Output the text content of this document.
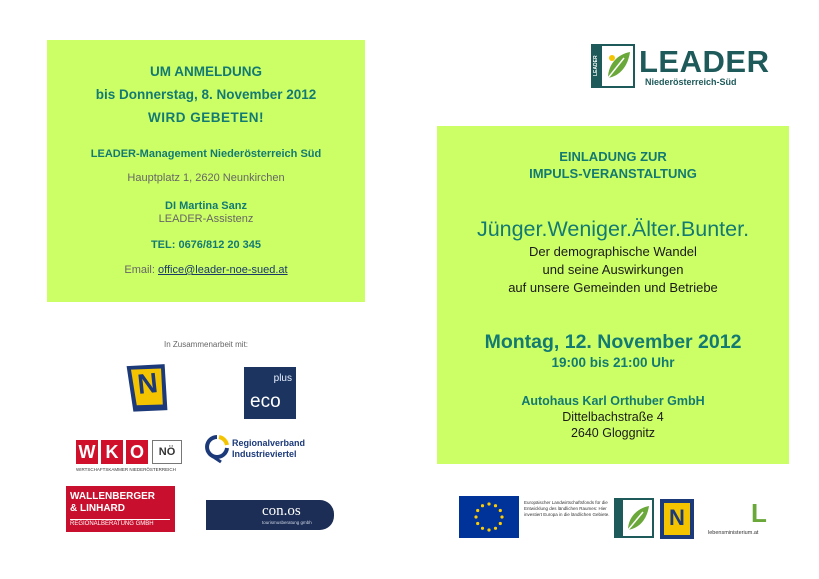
UM ANMELDUNG
bis Donnerstag, 8. November 2012
WIRD GEBETEN!
LEADER-Management Niederösterreich Süd
Hauptplatz 1, 2620 Neunkirchen
DI Martina Sanz
LEADER-Assistenz
TEL: 0676/812 20 345
Email: office@leader-noe-sued.at
In Zusammenarbeit mit:
N	plus
eco
W K O	NÖ
WIRTSCHAFTSKAMMER NIEDERÖSTERREICH
Regionalverband
Industrieviertel
WALLENBERGER
& LINHARD
REGIONALBERATUNG GMBH
con.os
tourismusberatung gmbh
LEADER
Niederösterreich-Süd
EINLADUNG ZUR
IMPULS-VERANSTALTUNG
Jünger.Weniger.Älter.Bunter.
Der demographische Wandel
und seine Auswirkungen
auf unsere Gemeinden und Betriebe
Montag, 12. November 2012
19:00 bis 21:00 Uhr
Autohaus Karl Orthuber GmbH
Dittelbachstraße 4
2640 Gloggnitz
Europäischer Landwirtschaftsfonds für die Entwicklung des ländlichen Raumes: Hier investiert Europa in die ländlichen Gebiete.	N	L
lebensministerium.at
